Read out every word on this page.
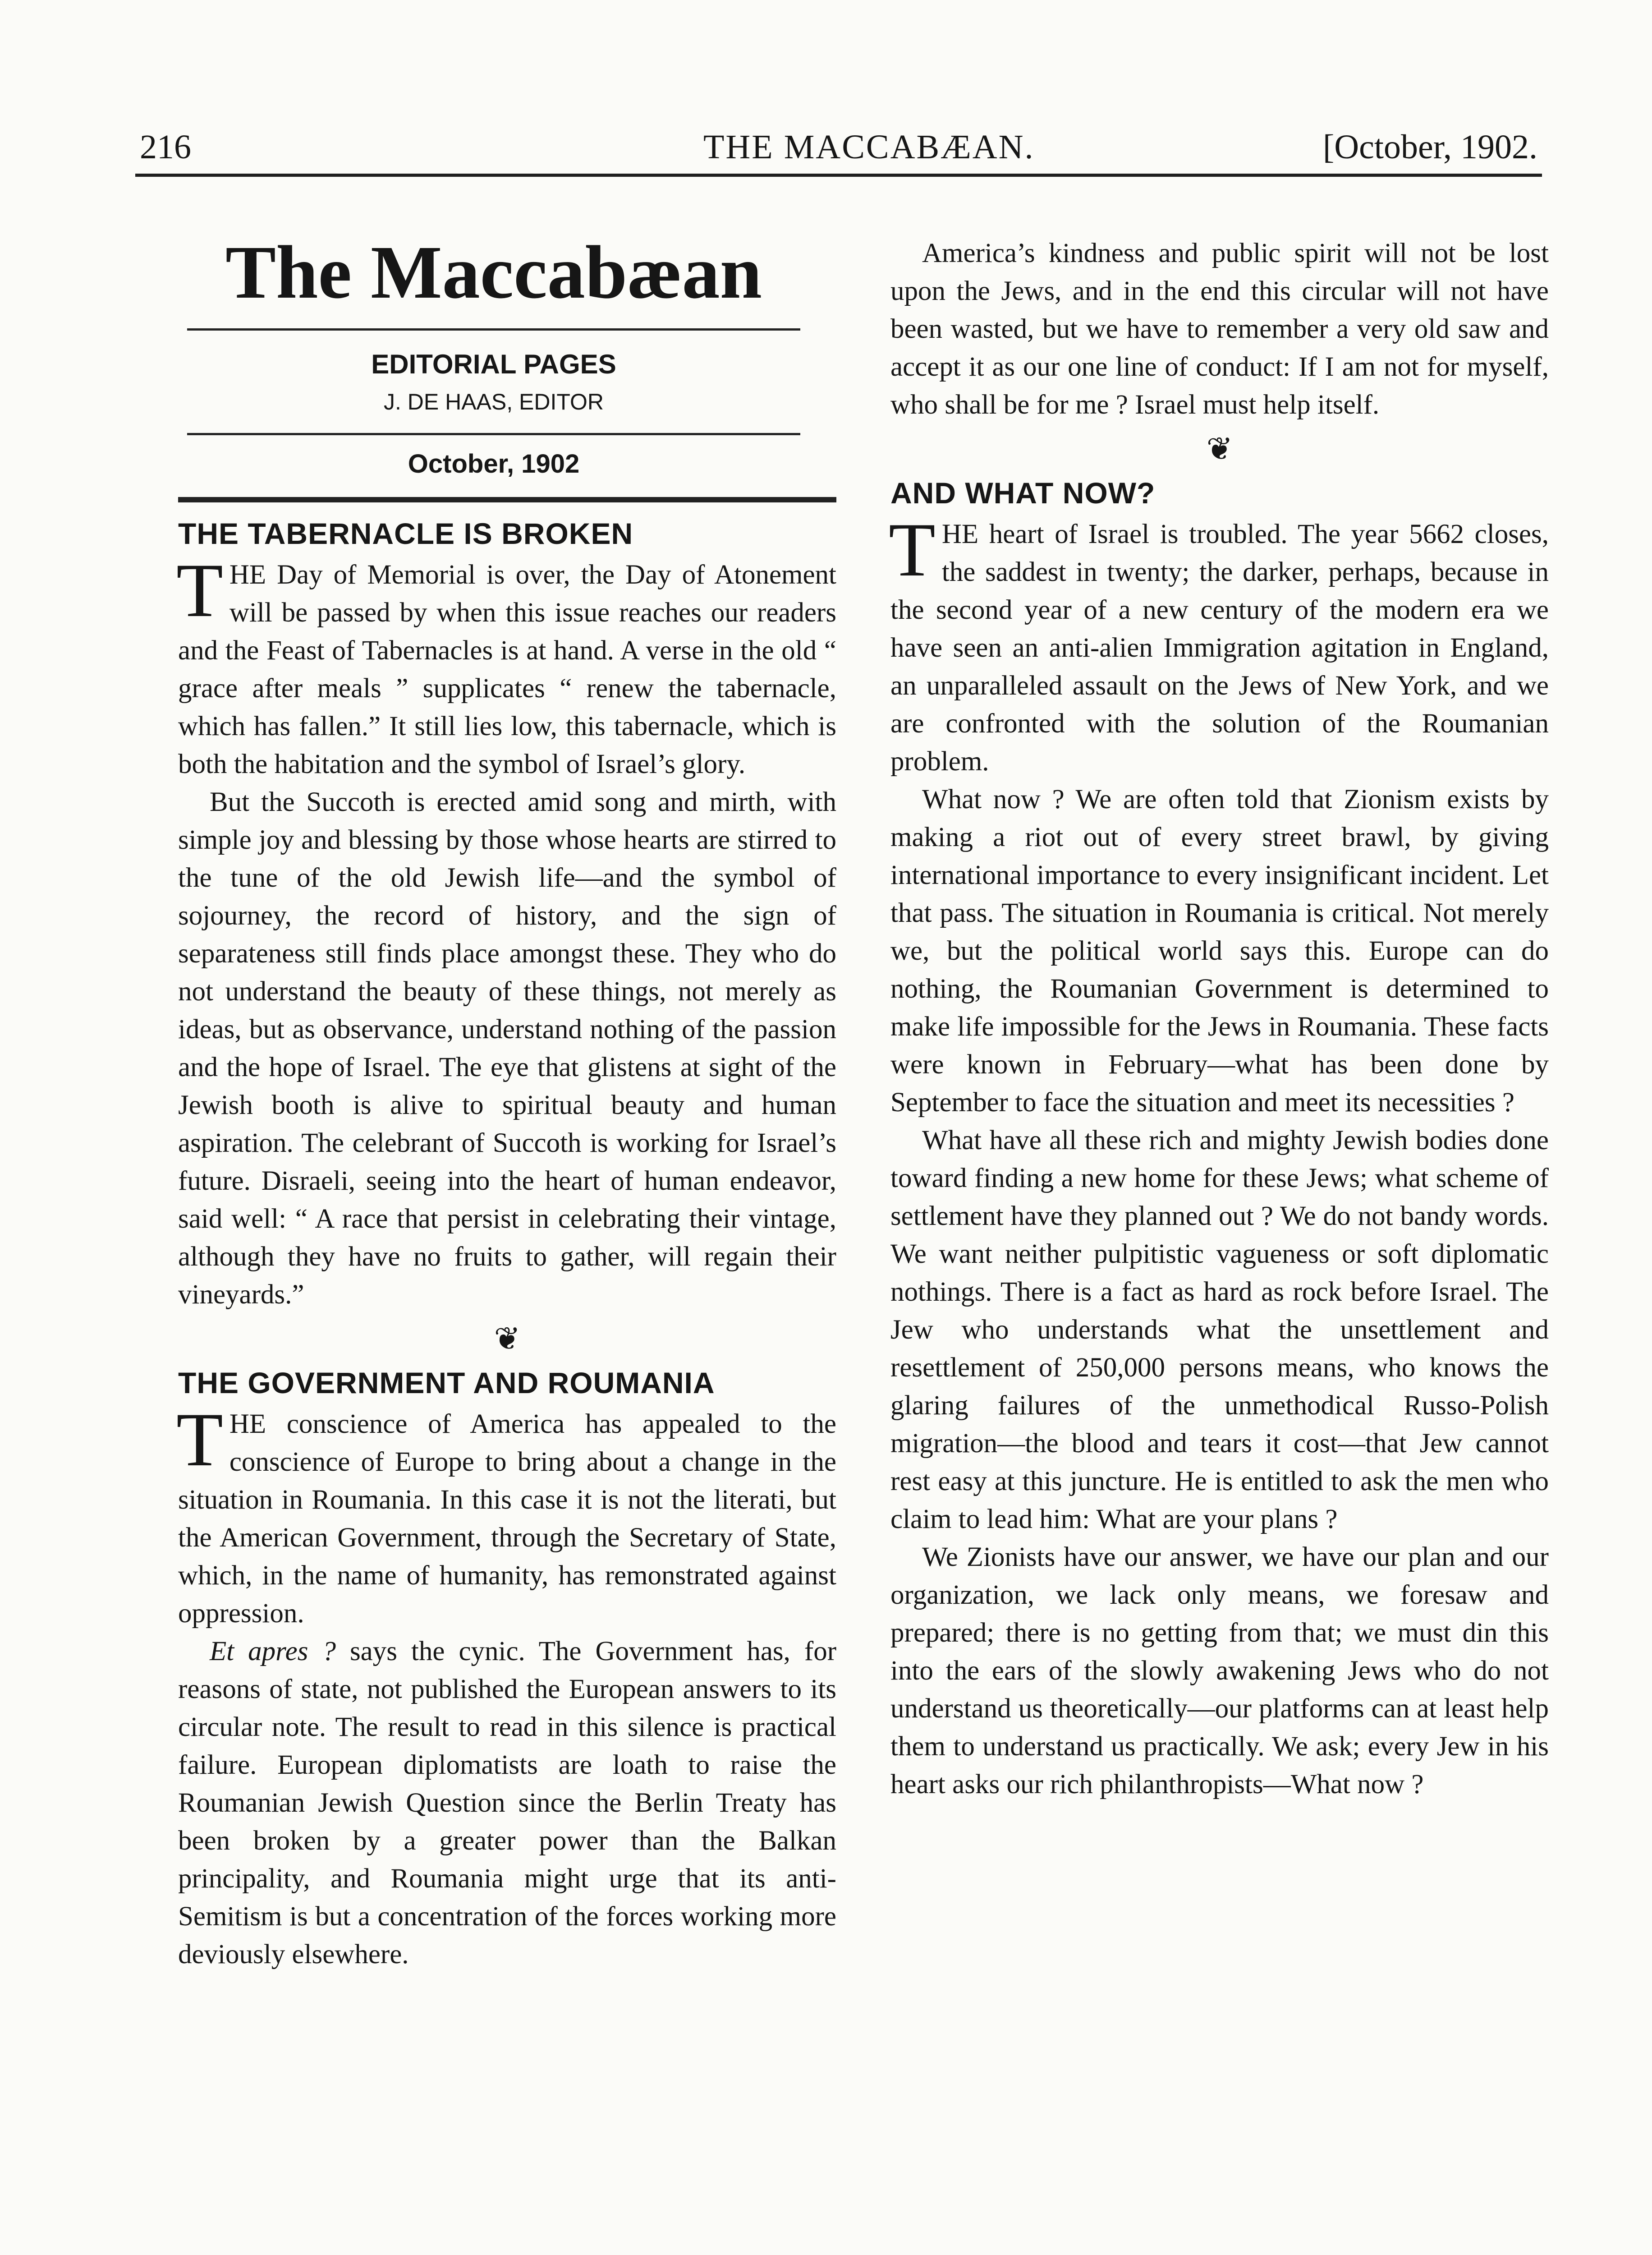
216	THE MACCABÆAN.	[October, 1902.
The Maccabæan
EDITORIAL PAGES
J. DE HAAS, EDITOR
October, 1902
THE TABERNACLE IS BROKEN

THE Day of Memorial is over, the Day of Atonement will be passed by when this issue reaches our readers and the Feast of Tabernacles is at hand. A verse in the old “ grace after meals ” supplicates “ renew the tabernacle, which has fallen.” It still lies low, this tabernacle, which is both the habitation and the symbol of Israel’s glory.

But the Succoth is erected amid song and mirth, with simple joy and blessing by those whose hearts are stirred to the tune of the old Jewish life—and the symbol of sojourney, the record of history, and the sign of separateness still finds place amongst these. They who do not understand the beauty of these things, not merely as ideas, but as observance, understand nothing of the passion and the hope of Israel. The eye that glistens at sight of the Jewish booth is alive to spiritual beauty and human aspiration. The celebrant of Succoth is working for Israel’s future. Disraeli, seeing into the heart of human endeavor, said well: “ A race that persist in celebrating their vintage, although they have no fruits to gather, will regain their vineyards.”

❦
THE GOVERNMENT AND ROUMANIA

THE conscience of America has appealed to the conscience of Europe to bring about a change in the situation in Roumania. In this case it is not the literati, but the American Government, through the Secretary of State, which, in the name of humanity, has remonstrated against oppression.

Et apres ? says the cynic. The Government has, for reasons of state, not published the European answers to its circular note. The result to read in this silence is practical failure. European diplomatists are loath to raise the Roumanian Jewish Question since the Berlin Treaty has been broken by a greater power than the Balkan principality, and Roumania might urge that its anti-Semitism is but a concentration of the forces working more deviously elsewhere.

America’s kindness and public spirit will not be lost upon the Jews, and in the end this circular will not have been wasted, but we have to remember a very old saw and accept it as our one line of conduct: If I am not for myself, who shall be for me ? Israel must help itself.

❦
AND WHAT NOW?

THE heart of Israel is troubled. The year 5662 closes, the saddest in twenty; the darker, perhaps, because in the second year of a new century of the modern era we have seen an anti-alien Immigration agitation in England, an unparalleled assault on the Jews of New York, and we are confronted with the solution of the Roumanian problem.

What now ? We are often told that Zionism exists by making a riot out of every street brawl, by giving international importance to every insignificant incident. Let that pass. The situation in Roumania is critical. Not merely we, but the political world says this. Europe can do nothing, the Roumanian Government is determined to make life impossible for the Jews in Roumania. These facts were known in February—what has been done by September to face the situation and meet its necessities ?

What have all these rich and mighty Jewish bodies done toward finding a new home for these Jews; what scheme of settlement have they planned out ? We do not bandy words. We want neither pulpitistic vagueness or soft diplomatic nothings. There is a fact as hard as rock before Israel. The Jew who understands what the unsettlement and resettlement of 250,000 persons means, who knows the glaring failures of the unmethodical Russo-Polish migration—the blood and tears it cost—that Jew cannot rest easy at this juncture. He is entitled to ask the men who claim to lead him: What are your plans ?

We Zionists have our answer, we have our plan and our organization, we lack only means, we foresaw and prepared; there is no getting from that; we must din this into the ears of the slowly awakening Jews who do not understand us theoretically—our platforms can at least help them to understand us practically. We ask; every Jew in his heart asks our rich philanthropists—What now ?
